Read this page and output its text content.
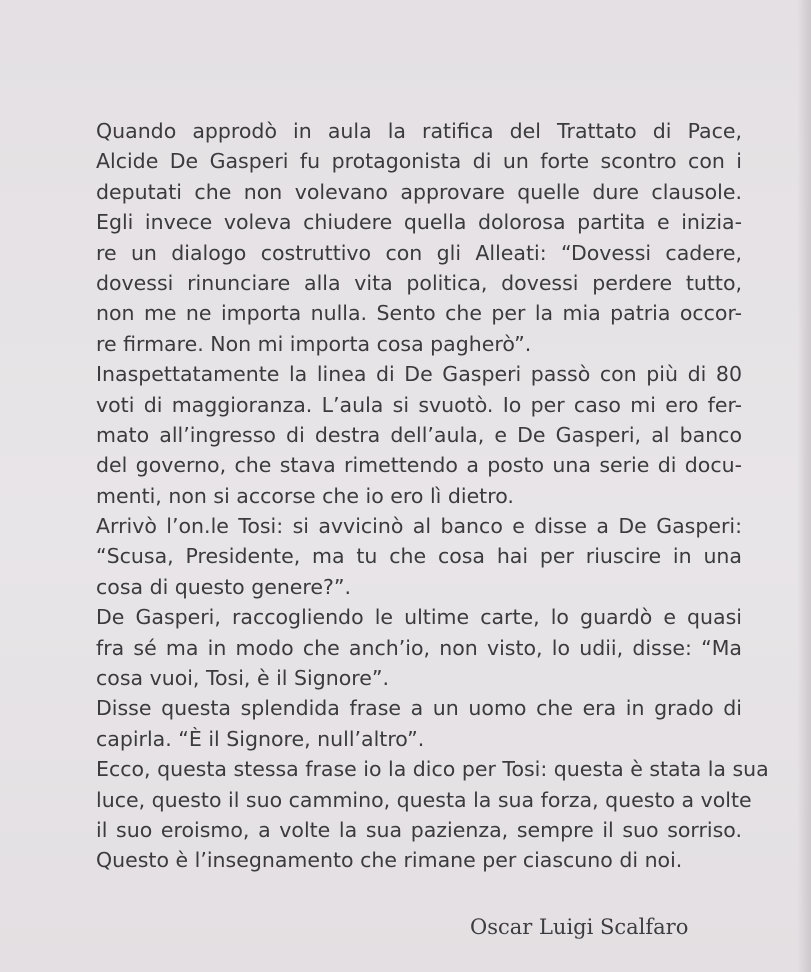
Quando approdò in aula la ratifica del Trattato di Pace,
Alcide De Gasperi fu protagonista di un forte scontro con i
deputati che non volevano approvare quelle dure clausole.
Egli invece voleva chiudere quella dolorosa partita e inizia-
re un dialogo costruttivo con gli Alleati: “Dovessi cadere,
dovessi rinunciare alla vita politica, dovessi perdere tutto,
non me ne importa nulla. Sento che per la mia patria occor-
re firmare. Non mi importa cosa pagherò”.
Inaspettatamente la linea di De Gasperi passò con più di 80
voti di maggioranza. L’aula si svuotò. Io per caso mi ero fer-
mato all’ingresso di destra dell’aula, e De Gasperi, al banco
del governo, che stava rimettendo a posto una serie di docu-
menti, non si accorse che io ero lì dietro.
Arrivò l’on.le Tosi: si avvicinò al banco e disse a De Gasperi:
“Scusa, Presidente, ma tu che cosa hai per riuscire in una
cosa di questo genere?”.
De Gasperi, raccogliendo le ultime carte, lo guardò e quasi
fra sé ma in modo che anch’io, non visto, lo udii, disse: “Ma
cosa vuoi, Tosi, è il Signore”.
Disse questa splendida frase a un uomo che era in grado di
capirla. “È il Signore, null’altro”.
Ecco, questa stessa frase io la dico per Tosi: questa è stata la sua
luce, questo il suo cammino, questa la sua forza, questo a volte
il suo eroismo, a volte la sua pazienza, sempre il suo sorriso.
Questo è l’insegnamento che rimane per ciascuno di noi.
Oscar Luigi Scalfaro
